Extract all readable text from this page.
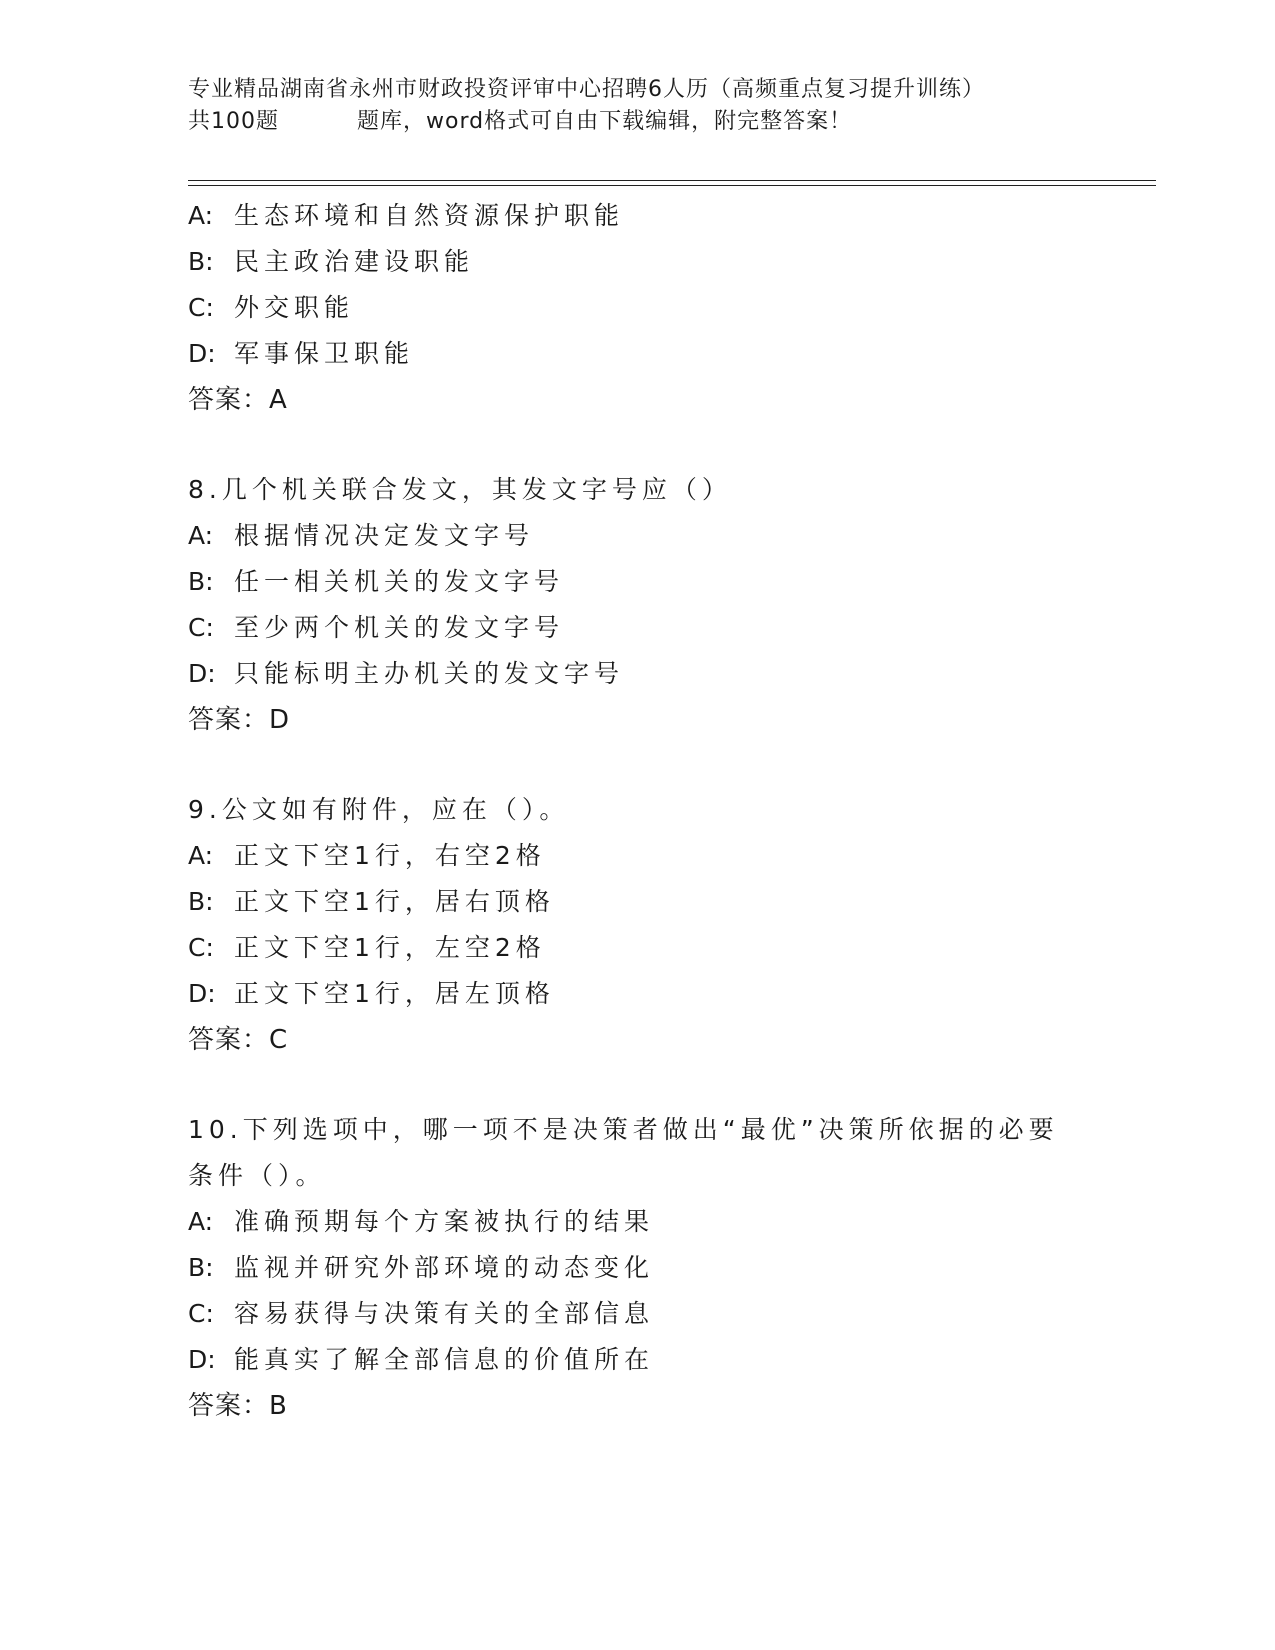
专业精品湖南省永州市财政投资评审中心招聘6人历（高频重点复习提升训练）
共100题	题库，word格式可自由下载编辑，附完整答案！
A: 生态环境和自然资源保护职能
B: 民主政治建设职能
C: 外交职能
D: 军事保卫职能
答案：A
8.几个机关联合发文，其发文字号应（）
A: 根据情况决定发文字号
B: 任一相关机关的发文字号
C: 至少两个机关的发文字号
D: 只能标明主办机关的发文字号
答案：D
9.公文如有附件，应在（）。
A: 正文下空1行，右空2格
B: 正文下空1行，居右顶格
C: 正文下空1行，左空2格
D: 正文下空1行，居左顶格
答案：C
10.下列选项中，哪一项不是决策者做出“最优”决策所依据的必要条件（）。
A: 准确预期每个方案被执行的结果
B: 监视并研究外部环境的动态变化
C: 容易获得与决策有关的全部信息
D: 能真实了解全部信息的价值所在
答案：B
